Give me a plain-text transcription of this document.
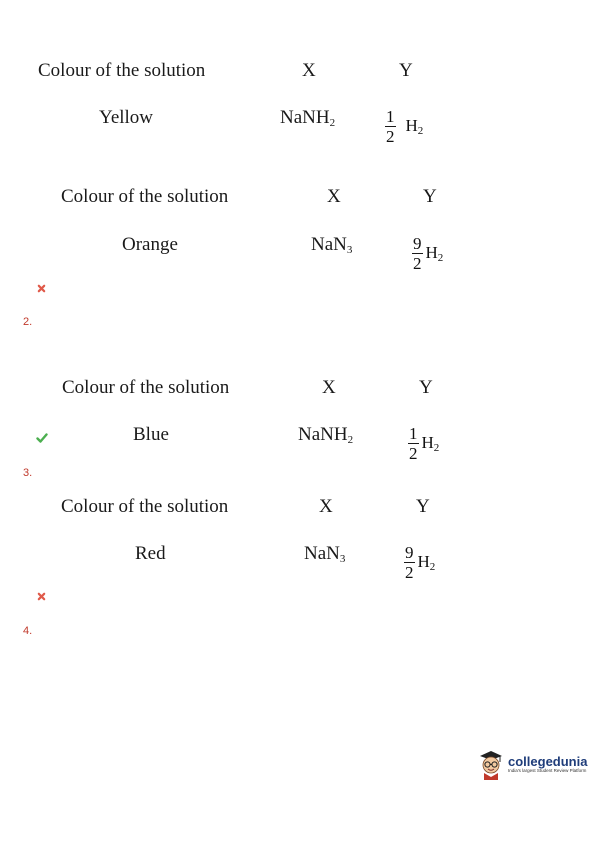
Colour of the solution	X	Y
Yellow	NaNH$_2$	$\frac{1}{2} H_2$
Colour of the solution	X	Y
Orange	NaN$_3$	$\frac{9}{2} H_2$
2.
Colour of the solution	X	Y
Blue	NaNH$_2$	$\frac{1}{2} H_2$
3.
Colour of the solution	X	Y
Red	NaN$_3$	$\frac{9}{2} H_2$
4.
collegedunia
India's largest Student Review Platform
